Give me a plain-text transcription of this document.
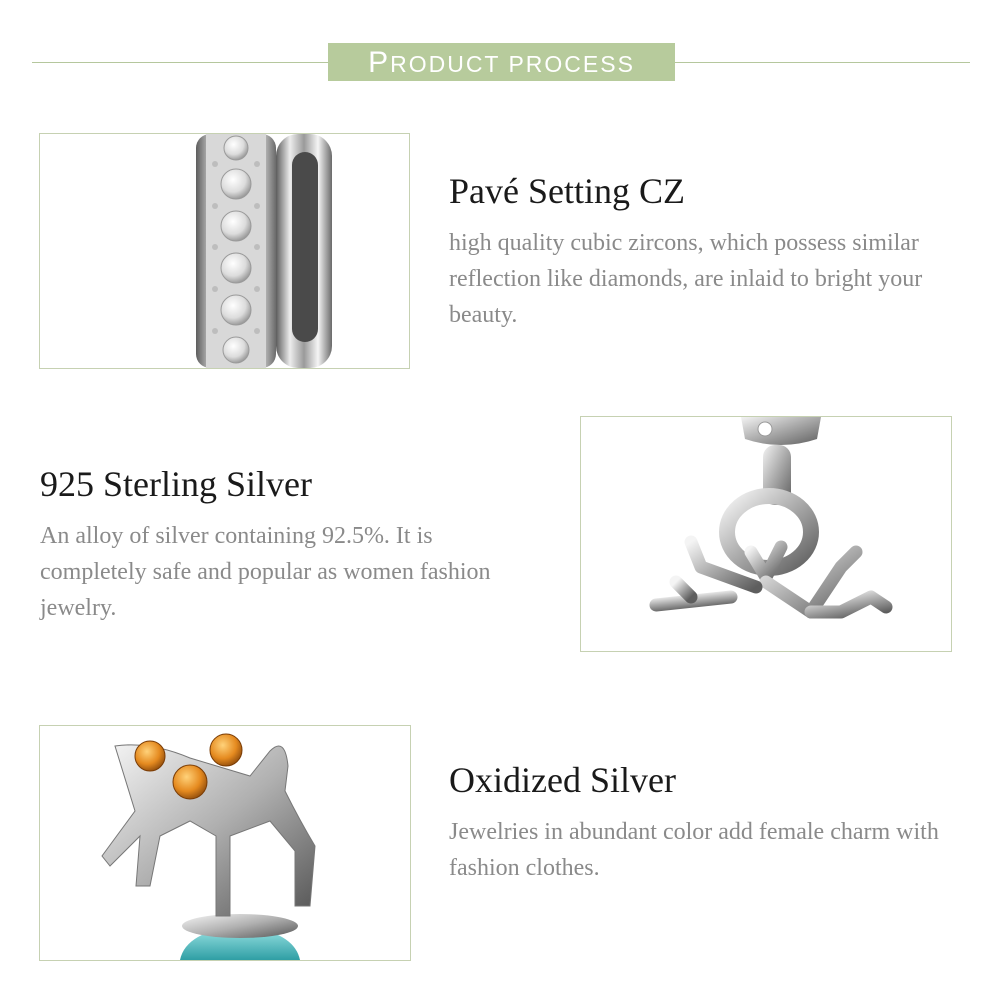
PRODUCT PROCESS
Pavé Setting CZ
high quality cubic zircons, which possess similar reflection like diamonds, are inlaid to bright your beauty.
925 Sterling Silver
An alloy of silver containing 92.5%. It is completely safe and popular as women fashion jewelry.
Oxidized Silver
Jewelries in abundant color add female charm with fashion clothes.
